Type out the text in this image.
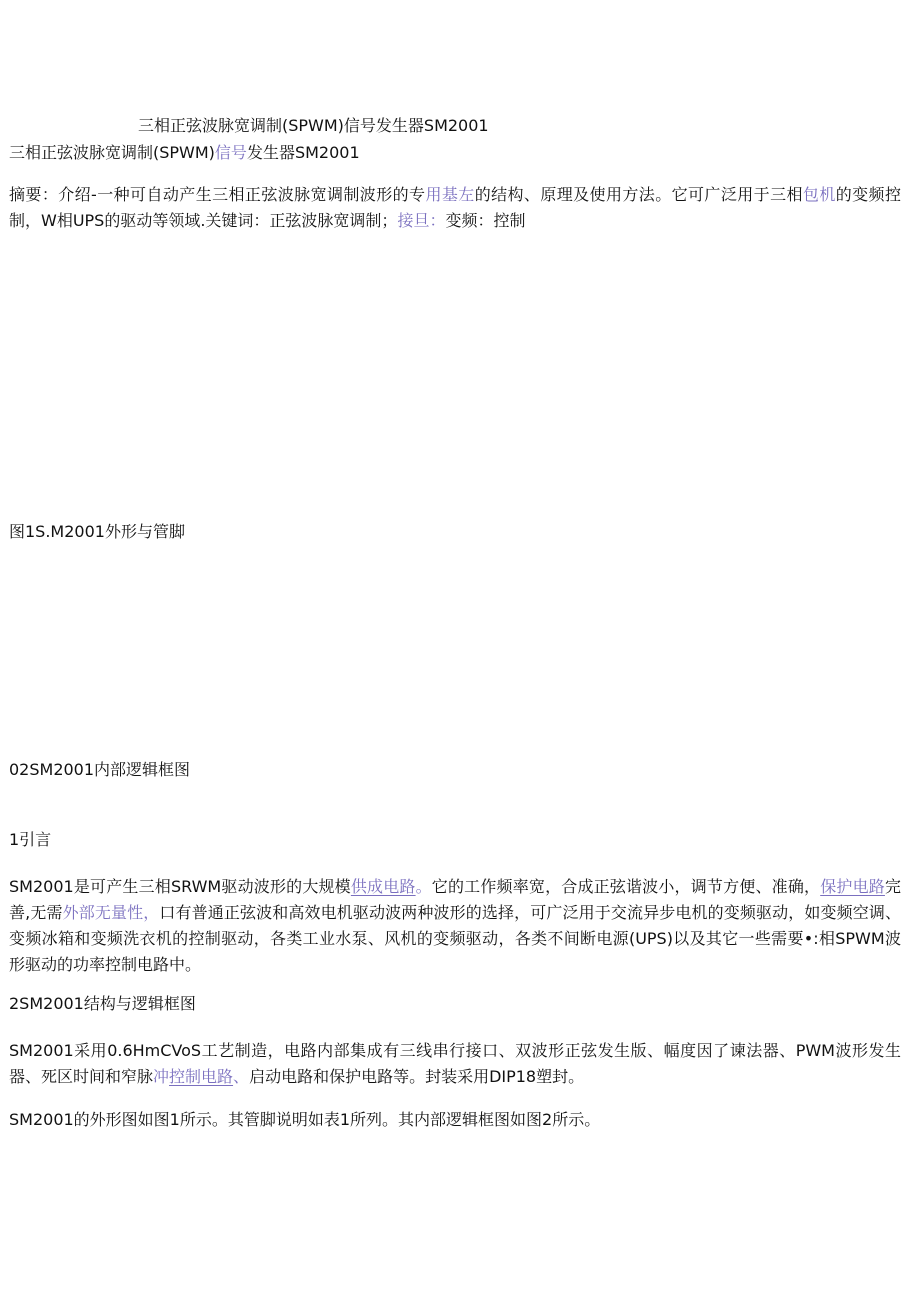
三相正弦波脉宽调制(SPWM)信号发生器SM2001
三相正弦波脉宽调制(SPWM)信号发生器SM2001
摘要：介绍-一种可自动产生三相正弦波脉宽调制波形的专用基左的结构、原理及使用方法。它可广泛用于三相包机的变频控制，W相UPS的驱动等领域.关键词：正弦波脉宽调制；接旦：变频：控制
图1S.M2001外形与管脚
02SM2001内部逻辑框图
1引言
SM2001是可产生三相SRWM驱动波形的大规模供成电路。它的工作频率宽，合成正弦谐波小，调节方便、准确，保护电路完善,无需外部无量性，口有普通正弦波和高效电机驱动波两种波形的选择，可广泛用于交流异步电机的变频驱动，如变频空调、变频冰箱和变频洗衣机的控制驱动，各类工业水泵、风机的变频驱动，各类不间断电源(UPS)以及其它一些需要•:相SPWM波形驱动的功率控制电路中。
2SM2001结构与逻辑框图
SM2001采用0.6HmCVoS工艺制造，电路内部集成有三线串行接口、双波形正弦发生版、幅度因了谏法器、PWM波形发生器、死区时间和窄脉冲控制电路、启动电路和保护电路等。封装采用DIP18塑封。
SM2001的外形图如图1所示。其管脚说明如表1所列。其内部逻辑框图如图2所示。
